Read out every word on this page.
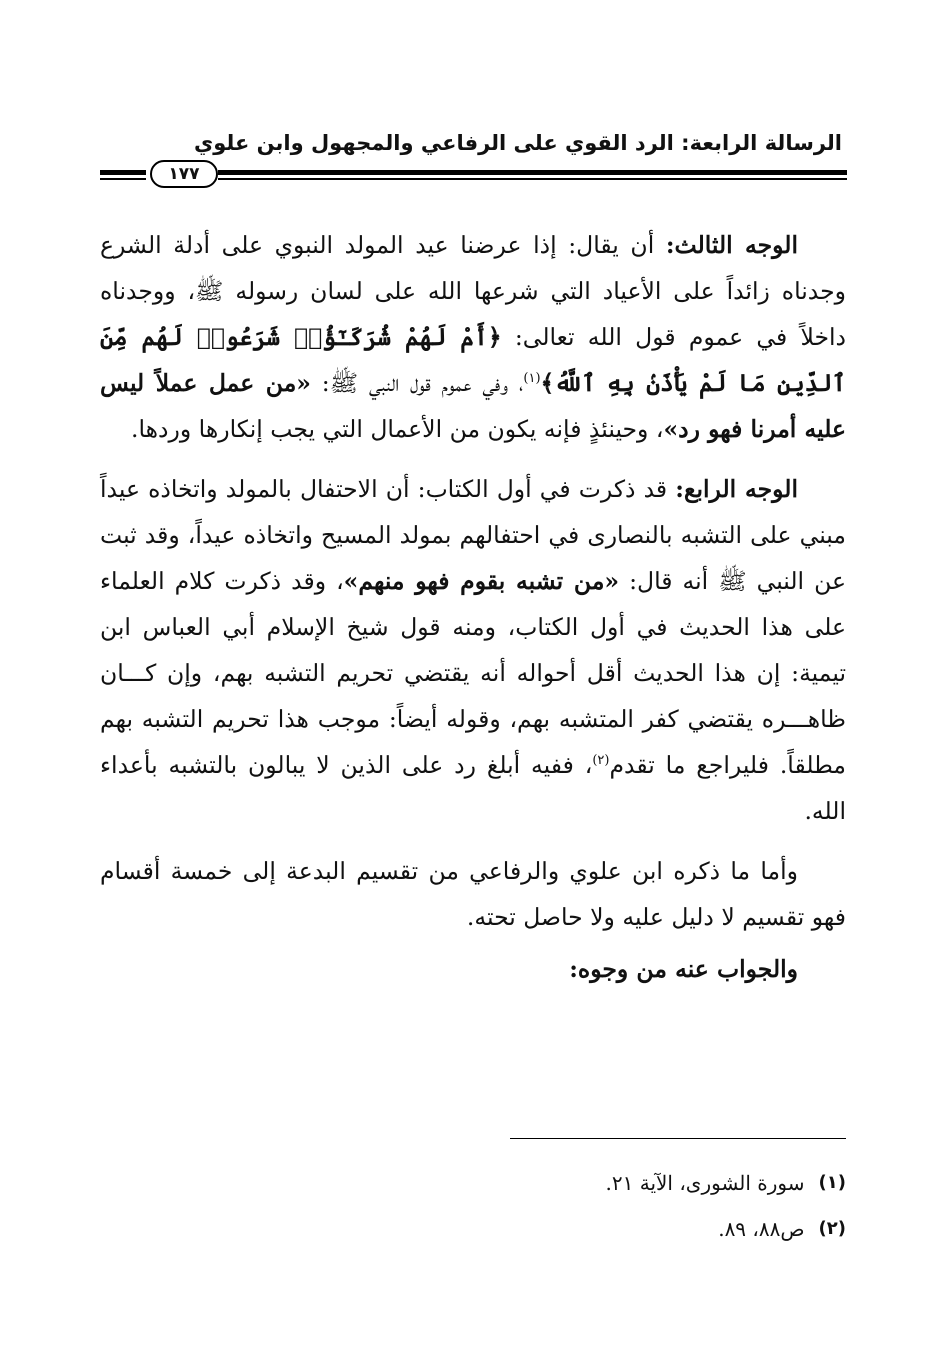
الرسالة الرابعة: الرد القوي على الرفاعي والمجهول وابن علوي
١٧٧

الوجه الثالث: أن يقال: إذا عرضنا عيد المولد النبوي على أدلة الشرع وجدناه زائداً على الأعياد التي شرعها الله على لسان رسوله ﷺ، ووجدناه داخلاً في عموم قول الله تعالى: ﴿أَمْ لَهُمْ شُرَكَـٰٓؤُا۟ شَرَعُوا۟ لَهُم مِّنَ ٱلدِّينِ مَا لَمْ يَأْذَنۢ بِهِ ٱللَّهُ﴾$^{(١)}$، وفي عموم قول النبي ﷺ: «من عمل عملاً ليس عليه أمرنا فهو رد»، وحينئذٍ فإنه يكون من الأعمال التي يجب إنكارها وردها.

الوجه الرابع: قد ذكرت في أول الكتاب: أن الاحتفال بالمولد واتخاذه عيداً مبني على التشبه بالنصارى في احتفالهم بمولد المسيح واتخاذه عيداً، وقد ثبت عن النبي ﷺ أنه قال: «من تشبه بقوم فهو منهم»، وقد ذكرت كلام العلماء على هذا الحديث في أول الكتاب، ومنه قول شيخ الإسلام أبي العباس ابن تيمية: إن هذا الحديث أقل أحواله أنه يقتضي تحريم التشبه بهم، وإن كـــان ظاهـــره يقتضي كفر المتشبه بهم، وقوله أيضاً: موجب هذا تحريم التشبه بهم مطلقاً. فليراجع ما تقدم$^{(٢)}$، ففيه أبلغ رد على الذين لا يبالون بالتشبه بأعداء الله.

وأما ما ذكره ابن علوي والرفاعي من تقسيم البدعة إلى خمسة أقسام فهو تقسيم لا دليل عليه ولا حاصل تحته.

والجواب عنه من وجوه:

(١)
سورة الشورى، الآية ٢١.
(٢)
ص٨٨، ٨٩.
